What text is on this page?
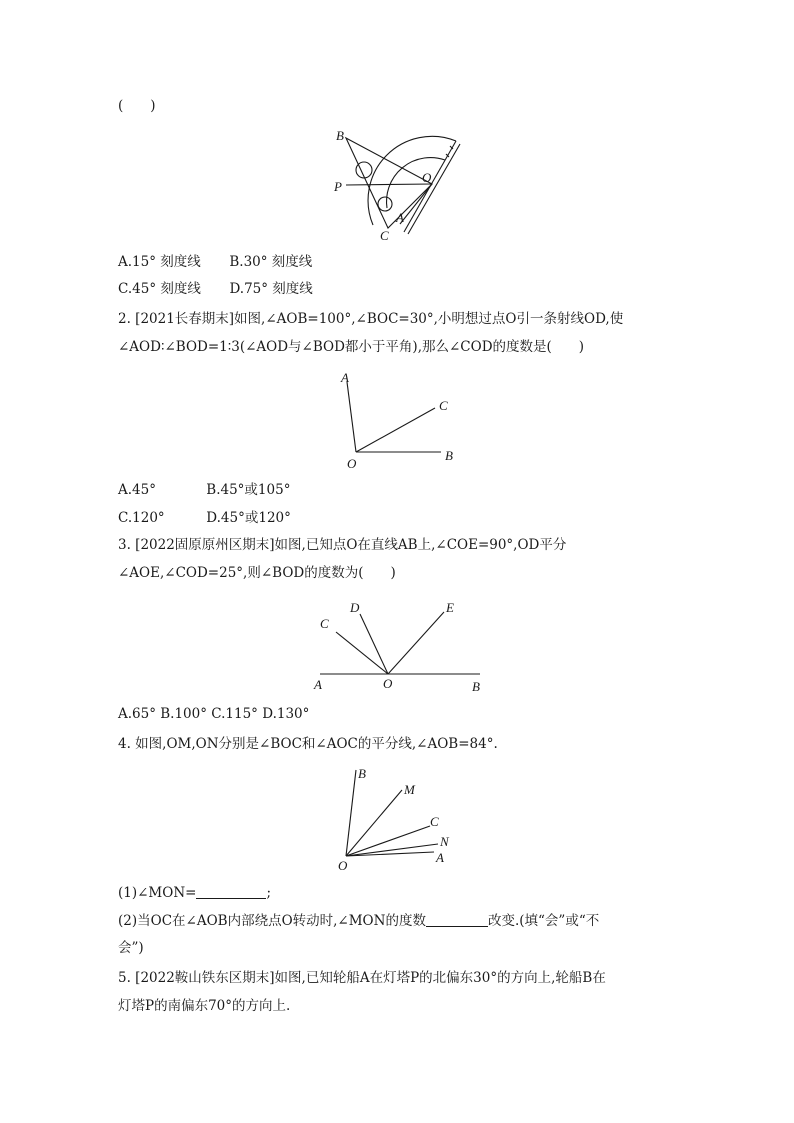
(　　)
B
P
O
A
C
A.15° 刻度线 B.30° 刻度线
C.45° 刻度线 D.75° 刻度线
2. [2021长春期末]如图,∠AOB=100°,∠BOC=30°,小明想过点O引一条射线OD,使
∠AOD∶∠BOD=1∶3(∠AOD与∠BOD都小于平角),那么∠COD的度数是(　　)
A
C
O
B
A.45°	B.45°或105°
C.120°	D.45°或120°
3. [2022固原原州区期末]如图,已知点O在直线AB上,∠COE=90°,OD平分
∠AOE,∠COD=25°,则∠BOD的度数为(　　)
C
D	E
A	O	B
A.65° B.100° C.115° D.130°
4. 如图,OM,ON分别是∠BOC和∠AOC的平分线,∠AOB=84°.
B
M
C
N
A
O
(1)∠MON=	;
(2)当OC在∠AOB内部绕点O转动时,∠MON的度数	改变.(填“会”或“不
会”)
5. [2022鞍山铁东区期末]如图,已知轮船A在灯塔P的北偏东30°的方向上,轮船B在
灯塔P的南偏东70°的方向上.
